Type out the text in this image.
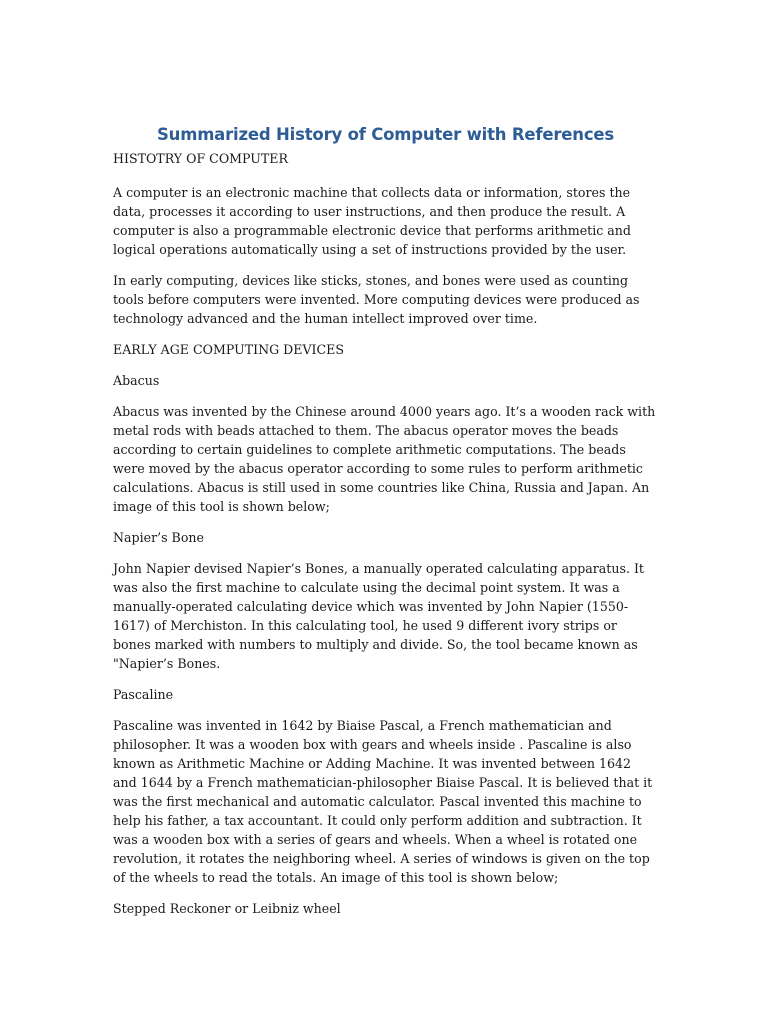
Summarized History of Computer with References

HISTOTRY OF COMPUTER

A computer is an electronic machine that collects data or information, stores the data, processes it according to user instructions, and then produce the result. A computer is also a programmable electronic device that performs arithmetic and logical operations automatically using a set of instructions provided by the user.

In early computing, devices like sticks, stones, and bones were used as counting tools before computers were invented. More computing devices were produced as technology advanced and the human intellect improved over time.

EARLY AGE COMPUTING DEVICES

Abacus

Abacus was invented by the Chinese around 4000 years ago. It’s a wooden rack with metal rods with beads attached to them. The abacus operator moves the beads according to certain guidelines to complete arithmetic computations. The beads were moved by the abacus operator according to some rules to perform arithmetic calculations. Abacus is still used in some countries like China, Russia and Japan. An image of this tool is shown below;

Napier’s Bone

John Napier devised Napier’s Bones, a manually operated calculating apparatus. It was also the first machine to calculate using the decimal point system. It was a manually-operated calculating device which was invented by John Napier (1550-1617) of Merchiston. In this calculating tool, he used 9 different ivory strips or bones marked with numbers to multiply and divide. So, the tool became known as "Napier’s Bones.

Pascaline

Pascaline was invented in 1642 by Biaise Pascal, a French mathematician and philosopher. It was a wooden box with gears and wheels inside . Pascaline is also known as Arithmetic Machine or Adding Machine. It was invented between 1642 and 1644 by a French mathematician-philosopher Biaise Pascal. It is believed that it was the first mechanical and automatic calculator. Pascal invented this machine to help his father, a tax accountant. It could only perform addition and subtraction. It was a wooden box with a series of gears and wheels. When a wheel is rotated one revolution, it rotates the neighboring wheel. A series of windows is given on the top of the wheels to read the totals. An image of this tool is shown below;

Stepped Reckoner or Leibniz wheel
